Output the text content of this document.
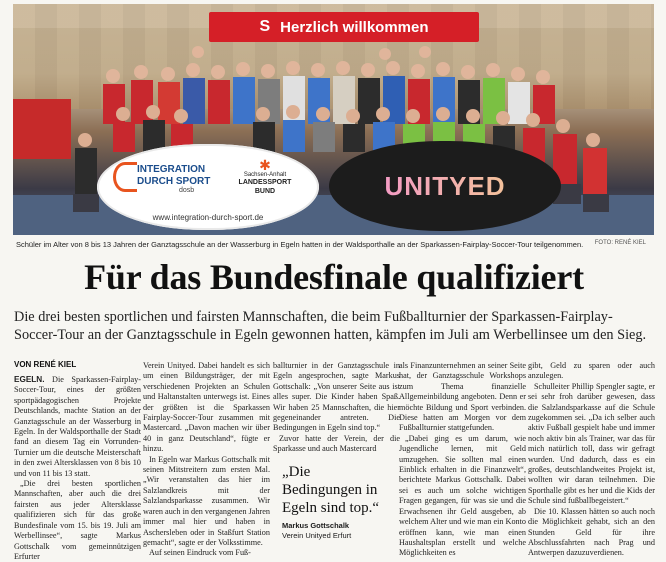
S Herzlich willkommen
INTEGRATION
DURCH SPORT
dosb
✱
Sachsen-Anhalt
LANDESSPORT
BUND
www.integration-durch-sport.de
UNITYED
Schüler im Alter von 8 bis 13 Jahren der Ganztagsschule an der Wasserburg in Egeln hatten in der Waldsporthalle an der Sparkassen-Fairplay-Soccer-Tour teilgenommen. FOTO: RENÉ KIEL
Für das Bundesfinale qualifiziert

Die drei besten sportlichen und fairsten Mannschaften, die beim Fußballturnier der Sparkassen-Fairplay-Soccer-Tour an der Ganztagsschule in Egeln gewonnen hatten, kämpfen im Juli am Werbellinsee um den Sieg.

VON RENÉ KIEL

EGELN. Die Sparkassen-Fairplay-Soccer-Tour, eines der größten sportpädagogischen Projekte Deutschlands, machte Station an der Ganztagsschule an der Wasserburg in Egeln. In der Waldsporthalle der Stadt fand an diesem Tag ein Vorrunden-Turnier um die deutsche Meisterschaft in den zwei Altersklassen von 8 bis 10 und von 11 bis 13 statt.

„Die drei besten sportlichen Mannschaften, aber auch die drei fairsten aus jeder Altersklasse qualifizieren sich für das große Bundesfinale vom 15. bis 19. Juli am Werbellinsee“, sagte Markus Gottschalk vom gemeinnützigen Erfurter

Verein Unityed. Dabei handelt es sich um einen Bildungsträger, der mit verschiedenen Projekten an Schulen und Haltanstalten unterwegs ist. Eines der größten ist die Sparkassen Fairplay-Soccer-Tour zusammen mit Mastercard. „Davon machen wir über 40 in ganz Deutschland“, fügte er hinzu.

In Egeln war Markus Gottschalk mit seinen Mitstreitern zum ersten Mal. „Wir veranstalten das hier im Salzlandkreis mit der Salzlandsparkasse zusammen. Wir waren auch in den vergangenen Jahren immer mal hier und haben in Aschersleben oder in Staßfurt Station gemacht“, sagte er der Volksstimme.

Auf seinen Eindruck vom Fuß-

ballturnier in der Ganztagsschule in Egeln angesprochen, sagte Markus Gottschalk: „Von unserer Seite aus ist alles super. Die Kinder haben Spaß. Wir haben 25 Mannschaften, die hier gegeneinander antreten. Die Bedingungen in Egeln sind top.“

Zuvor hatte der Verein, der die Sparkasse und auch Mastercard

„Die Bedingungen in Egeln sind top.“
Markus Gottschalk
Verein Unityed Erfurt

als Finanzunternehmen an seiner Seite hat, der Ganztagsschule Workshops zum Thema finanzielle Allgemeinbildung angeboten. Denn er möchte Bildung und Sport verbinden. Diese hatten am Morgen vor dem Fußballturnier stattgefunden.

„Dabei ging es um darum, wie Jugendliche lernen, mit Geld umzugehen. Sie sollten mal einen Einblick erhalten in die Finanzwelt“, berichtete Markus Gottschalk. Dabei sei es auch um solche wichtigen Fragen gegangen, für was sie und die Erwachsenen ihr Geld ausgeben, ab welchem Alter und wie man ein Konto eröffnen kann, wie man einen Haushaltsplan erstellt und welche Möglichkeiten es

gibt, Geld zu sparen oder auch anzulegen.

Schulleiter Phillip Spengler sagte, er sei sehr froh darüber gewesen, dass die Salzlandsparkasse auf die Schule zugekommen sei. „Da ich selber auch aktiv Fußball gespielt habe und immer noch aktiv bin als Trainer, war das für mich natürlich toll, dass wir gefragt wurden. Und dadurch, dass es ein großes, deutschlandweites Projekt ist, wollten wir daran teilnehmen. Die Sporthalle gibt es her und die Kids der Schule sind fußballbegeistert.“

Die 10. Klassen hätten so auch noch die Möglichkeit gehabt, sich an den Stunden Geld für ihre Abschlussfahrten nach Prag und Antwerpen dazuzuverdienen.
